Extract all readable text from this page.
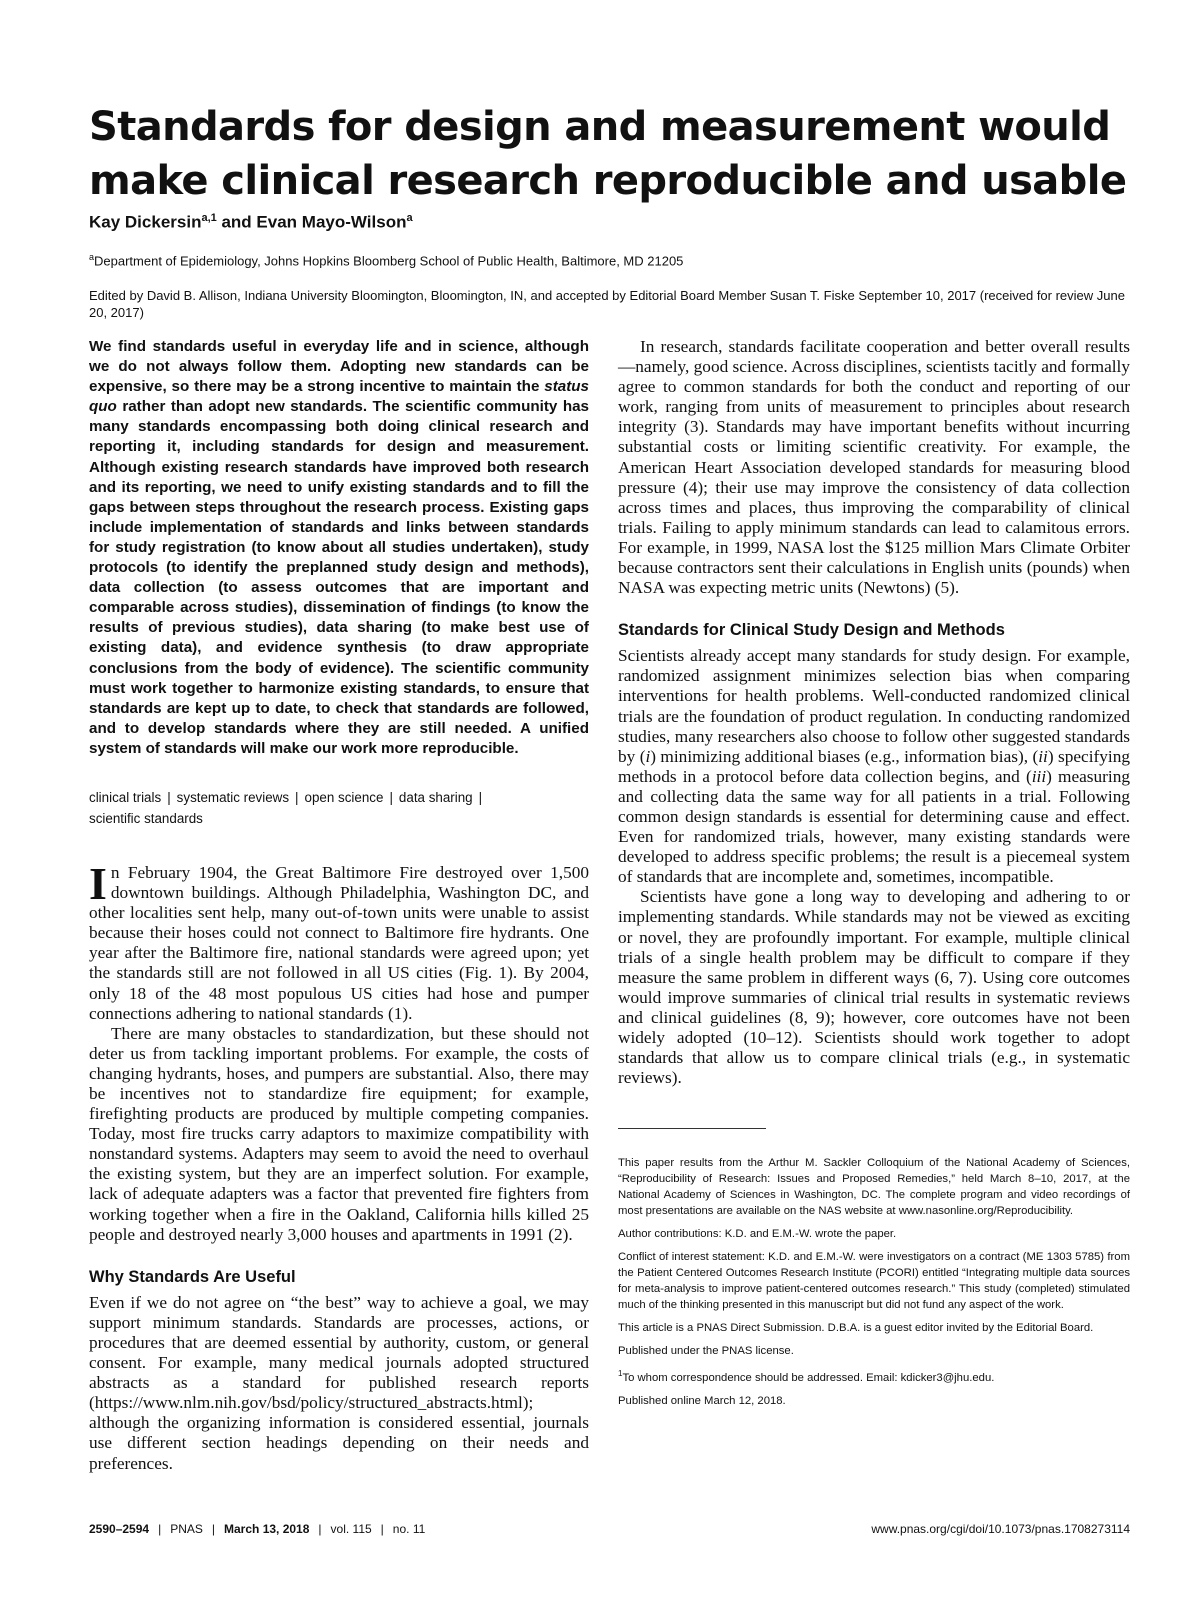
Standards for design and measurement would make clinical research reproducible and usable

Kay Dickersin$^{a,1}$ and Evan Mayo-Wilson$^a$

$^a$Department of Epidemiology, Johns Hopkins Bloomberg School of Public Health, Baltimore, MD 21205

Edited by David B. Allison, Indiana University Bloomington, Bloomington, IN, and accepted by Editorial Board Member Susan T. Fiske September 10, 2017 (received for review June 20, 2017)

We find standards useful in everyday life and in science, although we do not always follow them. Adopting new standards can be expensive, so there may be a strong incentive to maintain the status quo rather than adopt new standards. The scientific community has many standards encompassing both doing clinical research and reporting it, including standards for design and measurement. Although existing research standards have improved both research and its reporting, we need to unify existing standards and to fill the gaps between steps throughout the research process. Existing gaps include implementation of standards and links between standards for study registration (to know about all studies undertaken), study protocols (to identify the preplanned study design and methods), data collection (to assess outcomes that are important and comparable across studies), dissemination of findings (to know the results of previous studies), data sharing (to make best use of existing data), and evidence synthesis (to draw appropriate conclusions from the body of evidence). The scientific community must work together to harmonize existing standards, to ensure that standards are kept up to date, to check that standards are followed, and to develop standards where they are still needed. A unified system of standards will make our work more reproducible.

clinical trials | systematic reviews | open science | data sharing |
scientific standards

In February 1904, the Great Baltimore Fire destroyed over 1,500 downtown buildings. Although Philadelphia, Washington DC, and other localities sent help, many out-of-town units were unable to assist because their hoses could not connect to Baltimore fire hydrants. One year after the Baltimore fire, national standards were agreed upon; yet the standards still are not followed in all US cities (Fig. 1). By 2004, only 18 of the 48 most populous US cities had hose and pumper connections adhering to national standards (1).

There are many obstacles to standardization, but these should not deter us from tackling important problems. For example, the costs of changing hydrants, hoses, and pumpers are substantial. Also, there may be incentives not to standardize fire equipment; for example, firefighting products are produced by multiple competing companies. Today, most fire trucks carry adaptors to maximize compatibility with nonstandard systems. Adapters may seem to avoid the need to overhaul the existing system, but they are an imperfect solution. For example, lack of adequate adapters was a factor that prevented fire fighters from working together when a fire in the Oakland, California hills killed 25 people and destroyed nearly 3,000 houses and apartments in 1991 (2).

Why Standards Are Useful

Even if we do not agree on “the best” way to achieve a goal, we may support minimum standards. Standards are processes, actions, or procedures that are deemed essential by authority, custom, or general consent. For example, many medical journals adopted structured abstracts as a standard for published research reports (https://www.nlm.nih.gov/bsd/policy/structured_abstracts.html); although the organizing information is considered essential, journals use different section headings depending on their needs and preferences.

In research, standards facilitate cooperation and better overall results—namely, good science. Across disciplines, scientists tacitly and formally agree to common standards for both the conduct and reporting of our work, ranging from units of measurement to principles about research integrity (3). Standards may have important benefits without incurring substantial costs or limiting scientific creativity. For example, the American Heart Association developed standards for measuring blood pressure (4); their use may improve the consistency of data collection across times and places, thus improving the comparability of clinical trials. Failing to apply minimum standards can lead to calamitous errors. For example, in 1999, NASA lost the $125 million Mars Climate Orbiter because contractors sent their calculations in English units (pounds) when NASA was expecting metric units (Newtons) (5).

Standards for Clinical Study Design and Methods

Scientists already accept many standards for study design. For example, randomized assignment minimizes selection bias when comparing interventions for health problems. Well-conducted randomized clinical trials are the foundation of product regulation. In conducting randomized studies, many researchers also choose to follow other suggested standards by (i) minimizing additional biases (e.g., information bias), (ii) specifying methods in a protocol before data collection begins, and (iii) measuring and collecting data the same way for all patients in a trial. Following common design standards is essential for determining cause and effect. Even for randomized trials, however, many existing standards were developed to address specific problems; the result is a piecemeal system of standards that are incomplete and, sometimes, incompatible.

Scientists have gone a long way to developing and adhering to or implementing standards. While standards may not be viewed as exciting or novel, they are profoundly important. For example, multiple clinical trials of a single health problem may be difficult to compare if they measure the same problem in different ways (6, 7). Using core outcomes would improve summaries of clinical trial results in systematic reviews and clinical guidelines (8, 9); however, core outcomes have not been widely adopted (10–12). Scientists should work together to adopt standards that allow us to compare clinical trials (e.g., in systematic reviews).

This paper results from the Arthur M. Sackler Colloquium of the National Academy of Sciences, “Reproducibility of Research: Issues and Proposed Remedies,” held March 8–10, 2017, at the National Academy of Sciences in Washington, DC. The complete program and video recordings of most presentations are available on the NAS website at www.nasonline.org/Reproducibility.

Author contributions: K.D. and E.M.-W. wrote the paper.

Conflict of interest statement: K.D. and E.M.-W. were investigators on a contract (ME 1303 5785) from the Patient Centered Outcomes Research Institute (PCORI) entitled “Integrating multiple data sources for meta-analysis to improve patient-centered outcomes research.” This study (completed) stimulated much of the thinking presented in this manuscript but did not fund any aspect of the work.

This article is a PNAS Direct Submission. D.B.A. is a guest editor invited by the Editorial Board.

Published under the PNAS license.

$^1$To whom correspondence should be addressed. Email: kdicker3@jhu.edu.

Published online March 12, 2018.

2590–2594 | PNAS | March 13, 2018 | vol. 115 | no. 11	www.pnas.org/cgi/doi/10.1073/pnas.1708273114
